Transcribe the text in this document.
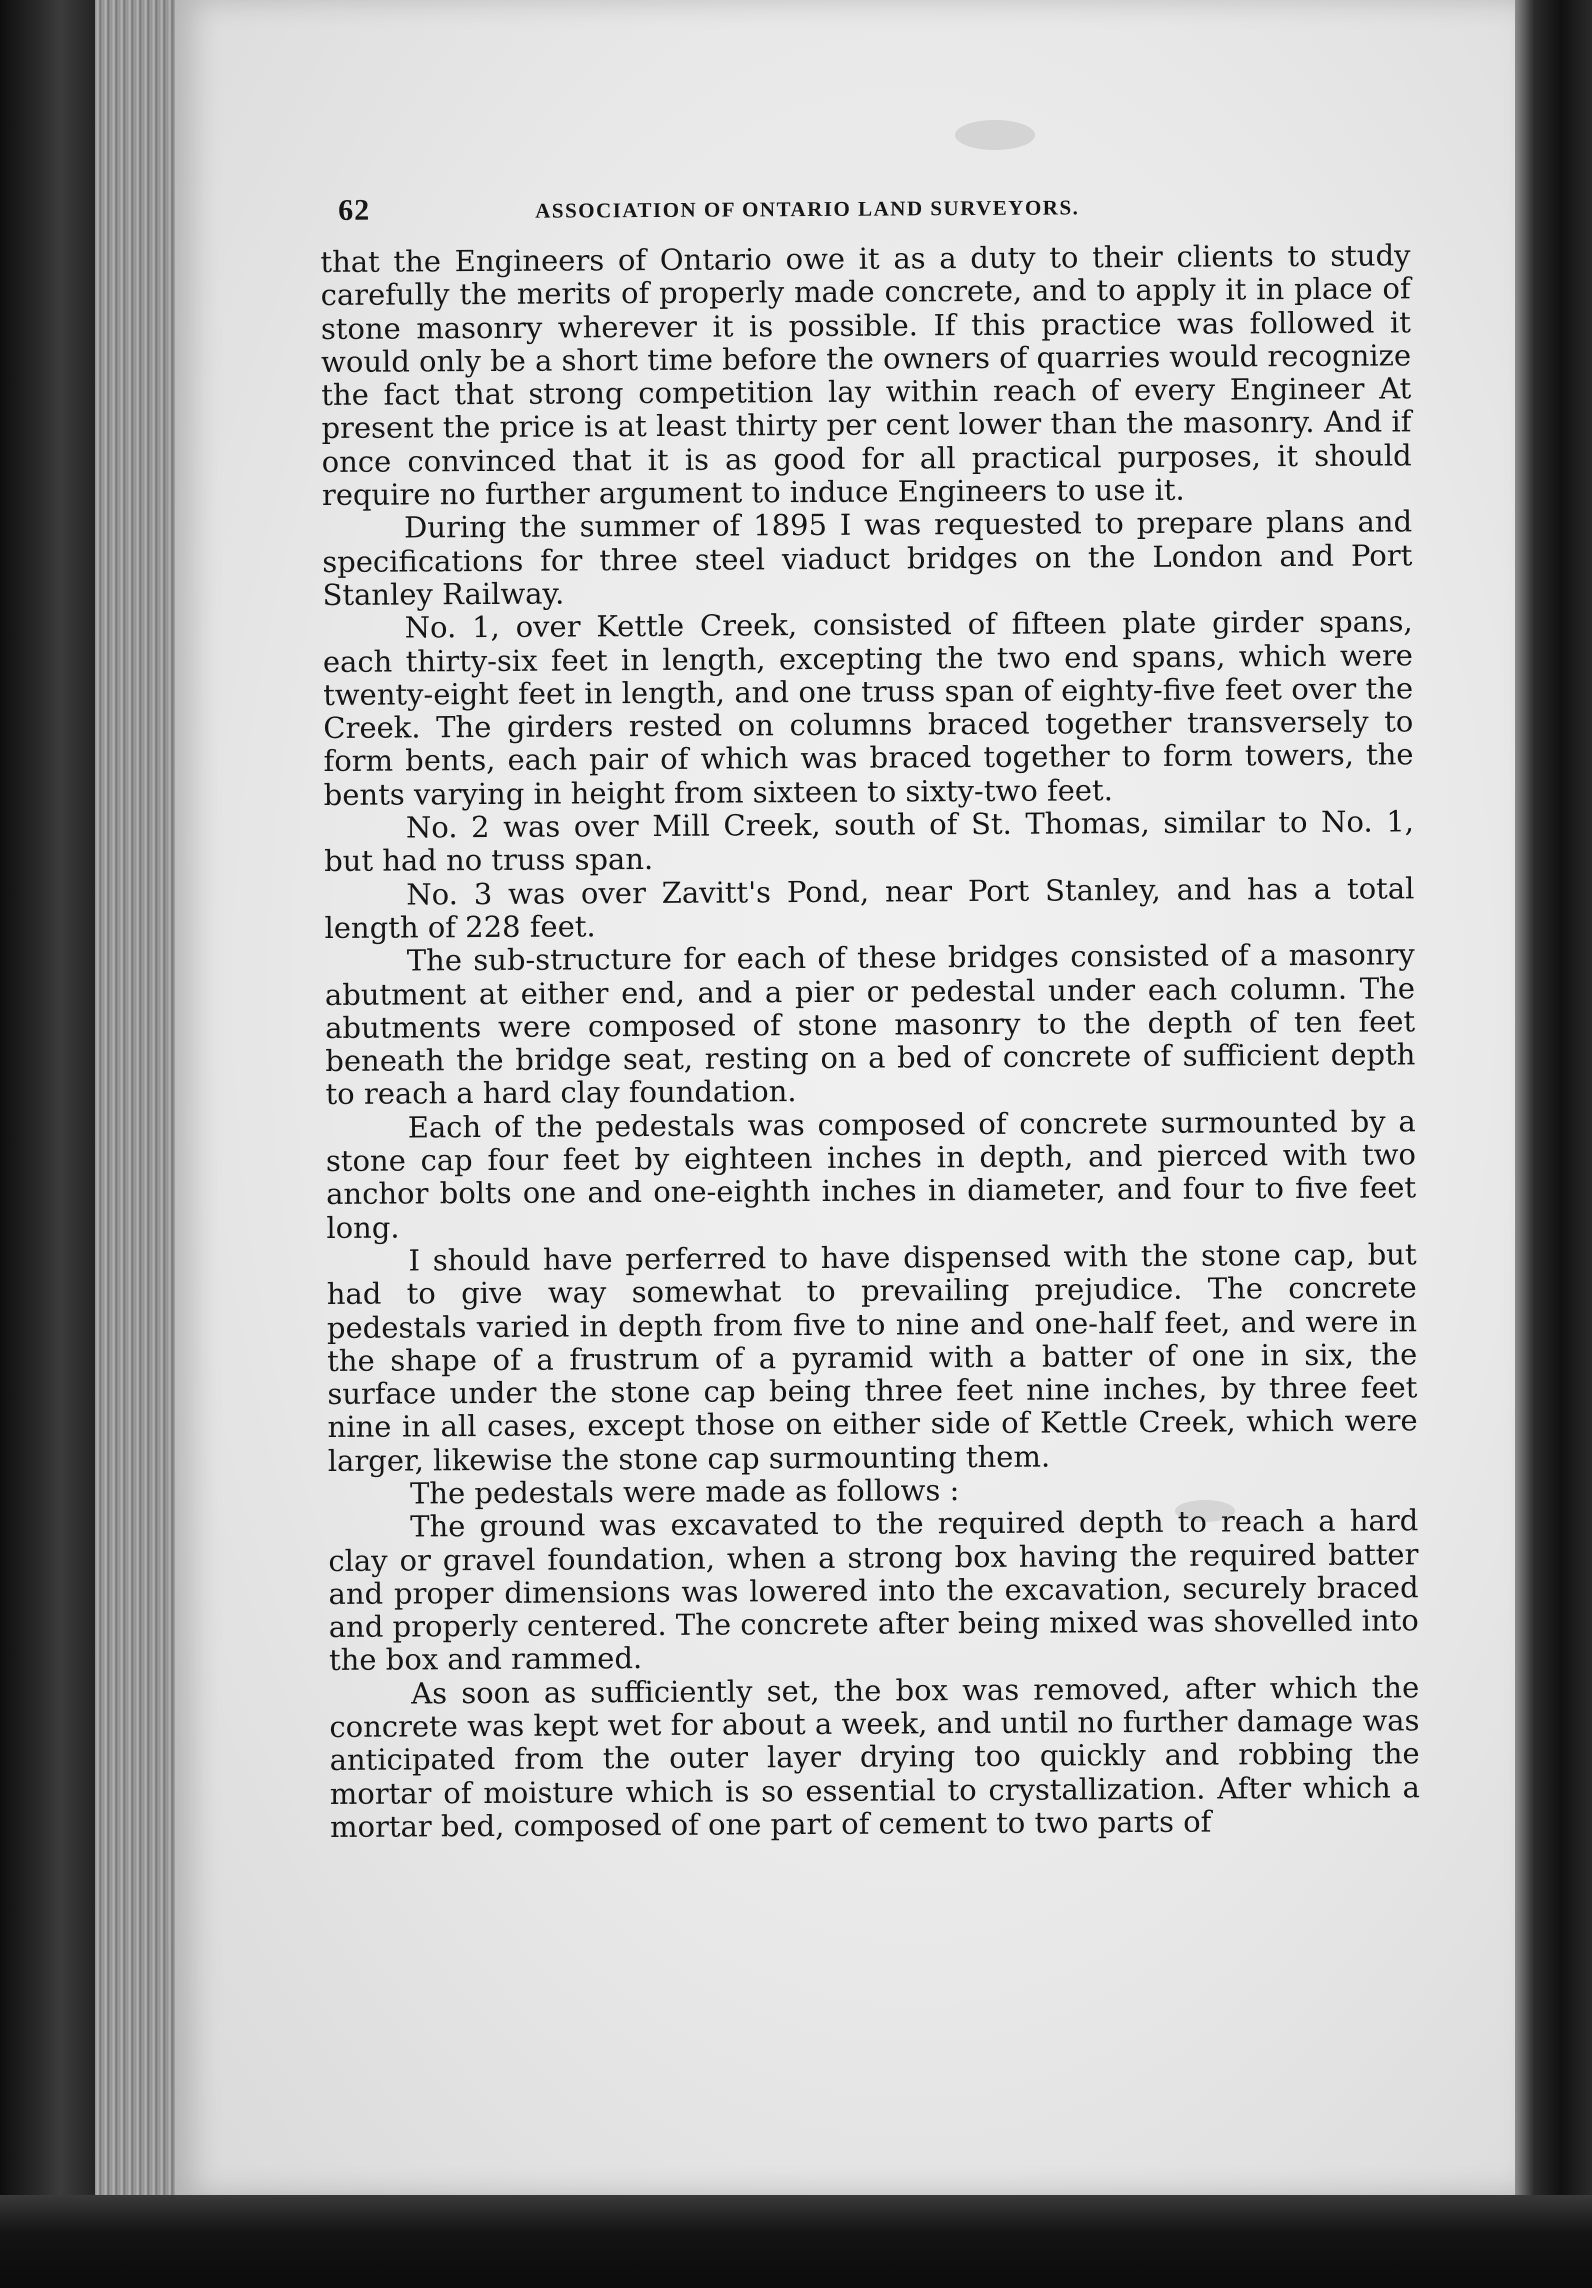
62	ASSOCIATION OF ONTARIO LAND SURVEYORS.

that the Engineers of Ontario owe it as a duty to their clients to study carefully the merits of properly made concrete, and to apply it in place of stone masonry wherever it is possible. If this practice was followed it would only be a short time before the owners of quarries would recognize the fact that strong competition lay within reach of every Engineer At present the price is at least thirty per cent lower than the masonry. And if once convinced that it is as good for all practical purposes, it should require no further argument to induce Engineers to use it.

During the summer of 1895 I was requested to prepare plans and specifications for three steel viaduct bridges on the London and Port Stanley Railway.

No. 1, over Kettle Creek, consisted of fifteen plate girder spans, each thirty-six feet in length, excepting the two end spans, which were twenty-eight feet in length, and one truss span of eighty-five feet over the Creek. The girders rested on columns braced together transversely to form bents, each pair of which was braced together to form towers, the bents varying in height from sixteen to sixty-two feet.

No. 2 was over Mill Creek, south of St. Thomas, similar to No. 1, but had no truss span.

No. 3 was over Zavitt's Pond, near Port Stanley, and has a total length of 228 feet.

The sub-structure for each of these bridges consisted of a masonry abutment at either end, and a pier or pedestal under each column. The abutments were composed of stone masonry to the depth of ten feet beneath the bridge seat, resting on a bed of concrete of sufficient depth to reach a hard clay foundation.

Each of the pedestals was composed of concrete surmounted by a stone cap four feet by eighteen inches in depth, and pierced with two anchor bolts one and one-eighth inches in diameter, and four to five feet long.

I should have perferred to have dispensed with the stone cap, but had to give way somewhat to prevailing prejudice. The concrete pedestals varied in depth from five to nine and one-half feet, and were in the shape of a frustrum of a pyramid with a batter of one in six, the surface under the stone cap being three feet nine inches, by three feet nine in all cases, except those on either side of Kettle Creek, which were larger, likewise the stone cap surmounting them.

The pedestals were made as follows :

The ground was excavated to the required depth to reach a hard clay or gravel foundation, when a strong box having the required batter and proper dimensions was lowered into the excavation, securely braced and properly centered. The concrete after being mixed was shovelled into the box and rammed.

As soon as sufficiently set, the box was removed, after which the concrete was kept wet for about a week, and until no further damage was anticipated from the outer layer drying too quickly and robbing the mortar of moisture which is so essential to crystallization. After which a mortar bed, composed of one part of cement to two parts of
